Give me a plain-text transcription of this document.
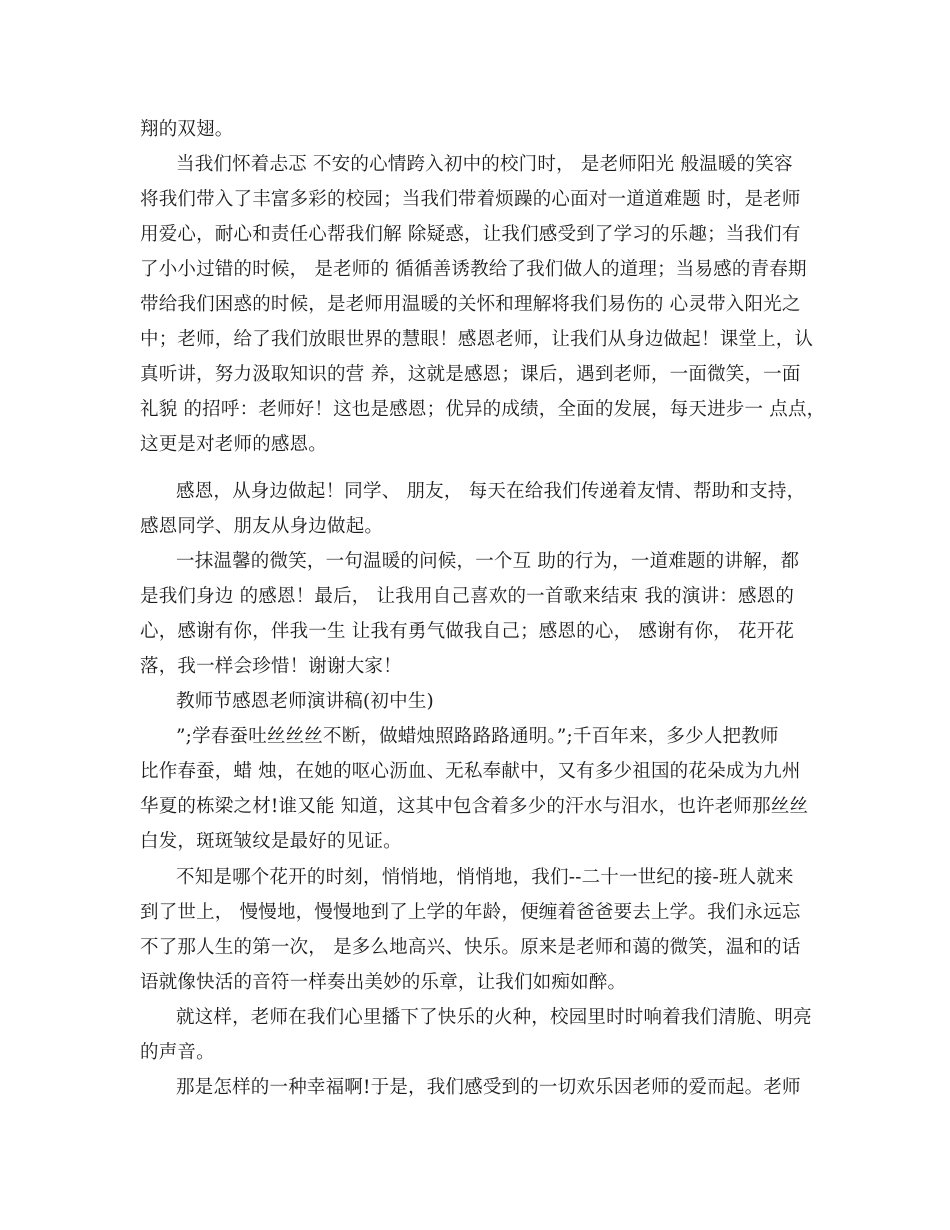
翔的双翅。
当我们怀着忐忑 不安的心情跨入初中的校门时， 是老师阳光 般温暖的笑容
将我们带入了丰富多彩的校园；当我们带着烦躁的心面对一道道难题 时，是老师
用爱心，耐心和责任心帮我们解 除疑惑，让我们感受到了学习的乐趣；当我们有
了小小过错的时候， 是老师的 循循善诱教给了我们做人的道理；当易感的青春期
带给我们困惑的时候，是老师用温暖的关怀和理解将我们易伤的 心灵带入阳光之
中；老师，给了我们放眼世界的慧眼！感恩老师，让我们从身边做起！课堂上，认
真听讲，努力汲取知识的营 养，这就是感恩；课后，遇到老师，一面微笑，一面
礼貌 的招呼：老师好！这也是感恩；优异的成绩，全面的发展，每天进步一 点点，
这更是对老师的感恩。
感恩，从身边做起！同学、 朋友， 每天在给我们传递着友情、帮助和支持，
感恩同学、朋友从身边做起。
一抹温馨的微笑，一句温暖的问候，一个互 助的行为，一道难题的讲解，都
是我们身边 的感恩！最后， 让我用自己喜欢的一首歌来结束 我的演讲：感恩的
心，感谢有你，伴我一生 让我有勇气做我自己；感恩的心， 感谢有你， 花开花
落，我一样会珍惜！谢谢大家！
教师节感恩老师演讲稿(初中生)
”;学春蚕吐丝丝丝不断，做蜡烛照路路路通明。”;千百年来，多少人把教师
比作春蚕，蜡 烛，在她的呕心沥血、无私奉献中，又有多少祖国的花朵成为九州
华夏的栋梁之材!谁又能 知道，这其中包含着多少的汗水与泪水，也许老师那丝丝
白发，斑斑皱纹是最好的见证。
不知是哪个花开的时刻，悄悄地，悄悄地，我们--二十一世纪的接-班人就来
到了世上， 慢慢地，慢慢地到了上学的年龄，便缠着爸爸要去上学。我们永远忘
不了那人生的第一次， 是多么地高兴、快乐。原来是老师和蔼的微笑，温和的话
语就像快活的音符一样奏出美妙的乐章，让我们如痴如醉。
就这样，老师在我们心里播下了快乐的火种，校园里时时响着我们清脆、明亮
的声音。
那是怎样的一种幸福啊!于是，我们感受到的一切欢乐因老师的爱而起。老师
